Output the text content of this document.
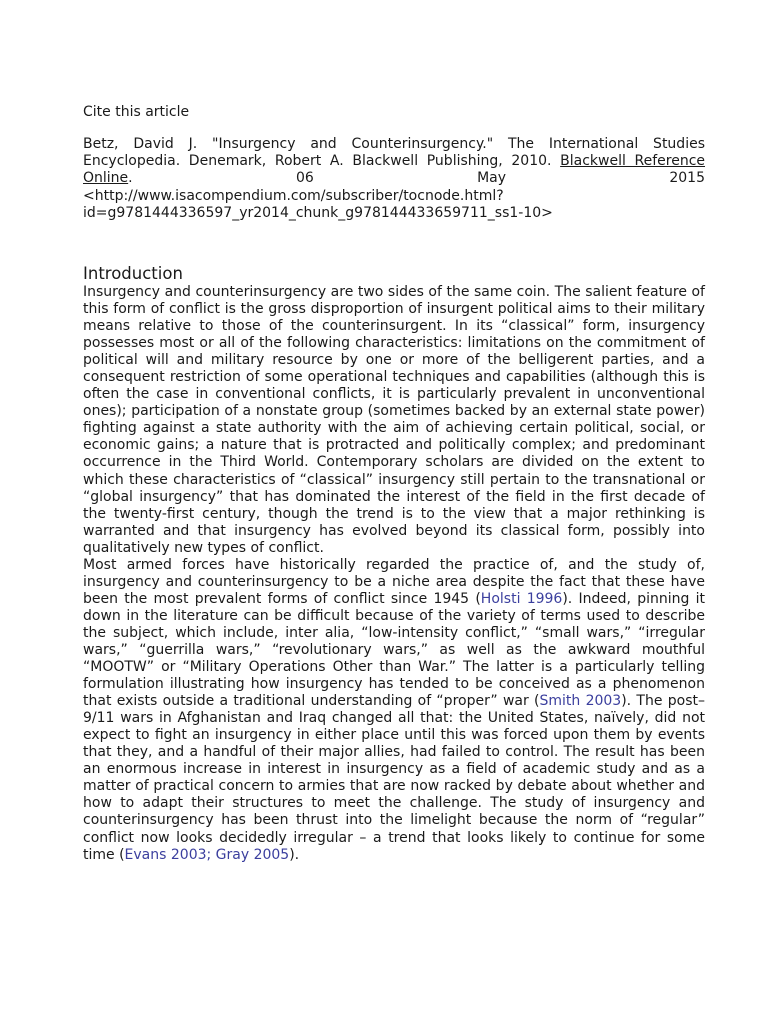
Cite this article
Betz, David J. "Insurgency and Counterinsurgency." The International Studies Encyclopedia. Denemark, Robert A. Blackwell Publishing, 2010. Blackwell Reference Online. 06 May 2015
<http://www.isacompendium.com/subscriber/tocnode.html?
id=g9781444336597_yr2014_chunk_g978144433659711_ss1-10>
Introduction

Insurgency and counterinsurgency are two sides of the same coin. The salient feature of this form of conflict is the gross disproportion of insurgent political aims to their military means relative to those of the counterinsurgent. In its “classical” form, insurgency possesses most or all of the following characteristics: limitations on the commitment of political will and military resource by one or more of the belligerent parties, and a consequent restriction of some operational techniques and capabilities (although this is often the case in conventional conflicts, it is particularly prevalent in unconventional ones); participation of a nonstate group (sometimes backed by an external state power) fighting against a state authority with the aim of achieving certain political, social, or economic gains; a nature that is protracted and politically complex; and predominant occurrence in the Third World. Contemporary scholars are divided on the extent to which these characteristics of “classical” insurgency still pertain to the transnational or “global insurgency” that has dominated the interest of the field in the first decade of the twenty-first century, though the trend is to the view that a major rethinking is warranted and that insurgency has evolved beyond its classical form, possibly into qualitatively new types of conflict.

Most armed forces have historically regarded the practice of, and the study of, insurgency and counterinsurgency to be a niche area despite the fact that these have been the most prevalent forms of conflict since 1945 (Holsti 1996). Indeed, pinning it down in the literature can be difficult because of the variety of terms used to describe the subject, which include, inter alia, “low-intensity conflict,” “small wars,” “irregular wars,” “guerrilla wars,” “revolutionary wars,” as well as the awkward mouthful “MOOTW” or “Military Operations Other than War.” The latter is a particularly telling formulation illustrating how insurgency has tended to be conceived as a phenomenon that exists outside a traditional understanding of “proper” war (Smith 2003). The post–9/11 wars in Afghanistan and Iraq changed all that: the United States, naïvely, did not expect to fight an insurgency in either place until this was forced upon them by events that they, and a handful of their major allies, had failed to control. The result has been an enormous increase in interest in insurgency as a field of academic study and as a matter of practical concern to armies that are now racked by debate about whether and how to adapt their structures to meet the challenge. The study of insurgency and counterinsurgency has been thrust into the limelight because the norm of “regular” conflict now looks decidedly irregular – a trend that looks likely to continue for some time (Evans 2003; Gray 2005).
